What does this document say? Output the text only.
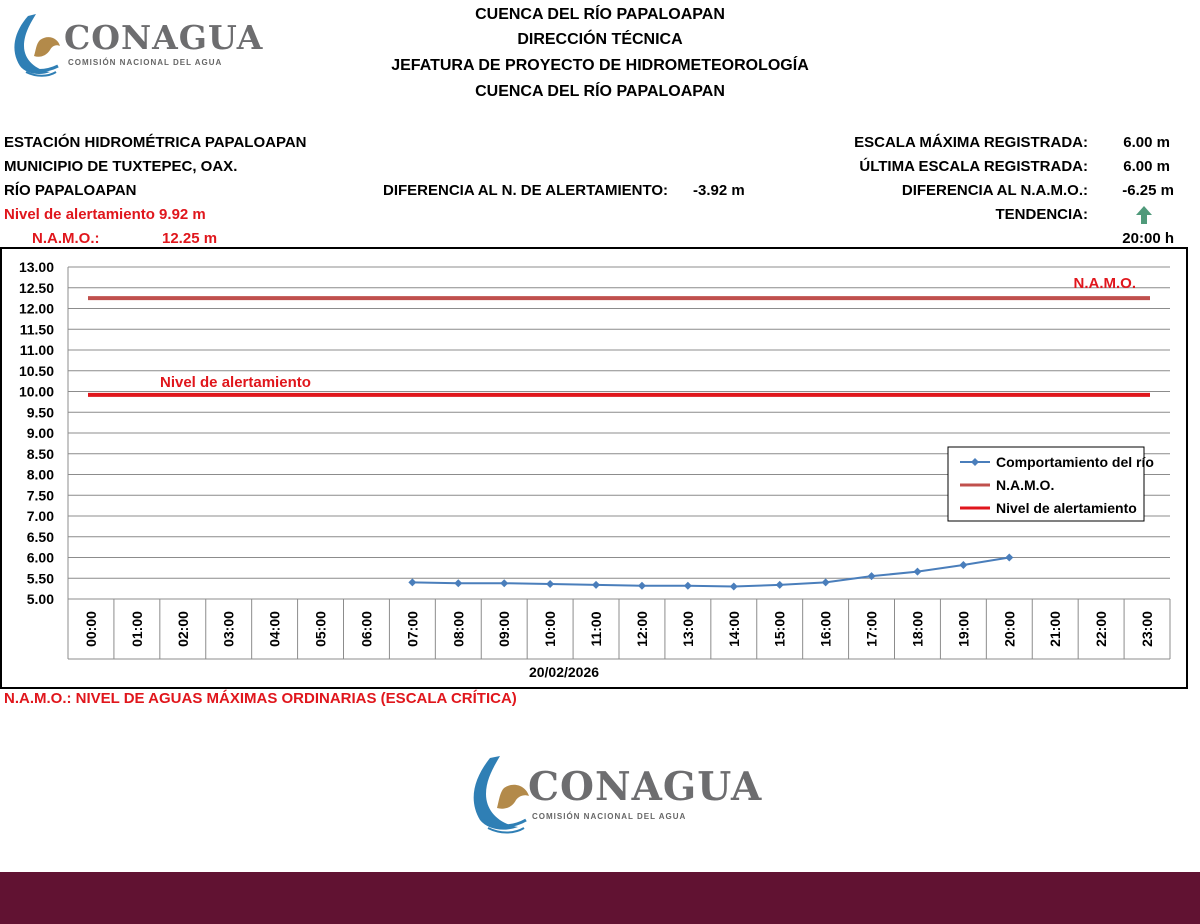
CONAGUA
COMISIÓN NACIONAL DEL AGUA
CUENCA DEL RÍO PAPALOAPAN
DIRECCIÓN TÉCNICA
JEFATURA DE PROYECTO DE HIDROMETEOROLOGÍA
CUENCA DEL RÍO PAPALOAPAN
ESTACIÓN HIDROMÉTRICA PAPALOAPAN
MUNICIPIO DE TUXTEPEC, OAX.
RÍO PAPALOAPAN
Nivel de alertamiento 9.92 m
N.A.M.O.:	12.25 m
DIFERENCIA AL N. DE ALERTAMIENTO: -3.92 m
ESCALA MÁXIMA REGISTRADA: 6.00 m
ÚLTIMA ESCALA REGISTRADA: 6.00 m
DIFERENCIA AL N.A.M.O.: -6.25 m
TENDENCIA:
20:00 h
5.00
5.50
6.00
6.50
7.00
7.50
8.00
8.50
9.00
9.50
10.00
10.50
11.00
11.50
12.00
12.50
13.00
00:00 01:00 02:00 03:00 04:00 05:00 06:00 07:00 08:00 09:00 10:00 11:00 12:00 13:00 14:00 15:00 16:00 17:00 18:00 19:00 20:00 21:00 22:00 23:00
20/02/2026
N.A.M.O.
Nivel de alertamiento
Comportamiento del río
N.A.M.O.
Nivel de alertamiento
N.A.M.O.: NIVEL DE AGUAS MÁXIMAS ORDINARIAS (ESCALA CRÍTICA)
CONAGUA
COMISIÓN NACIONAL DEL AGUA
